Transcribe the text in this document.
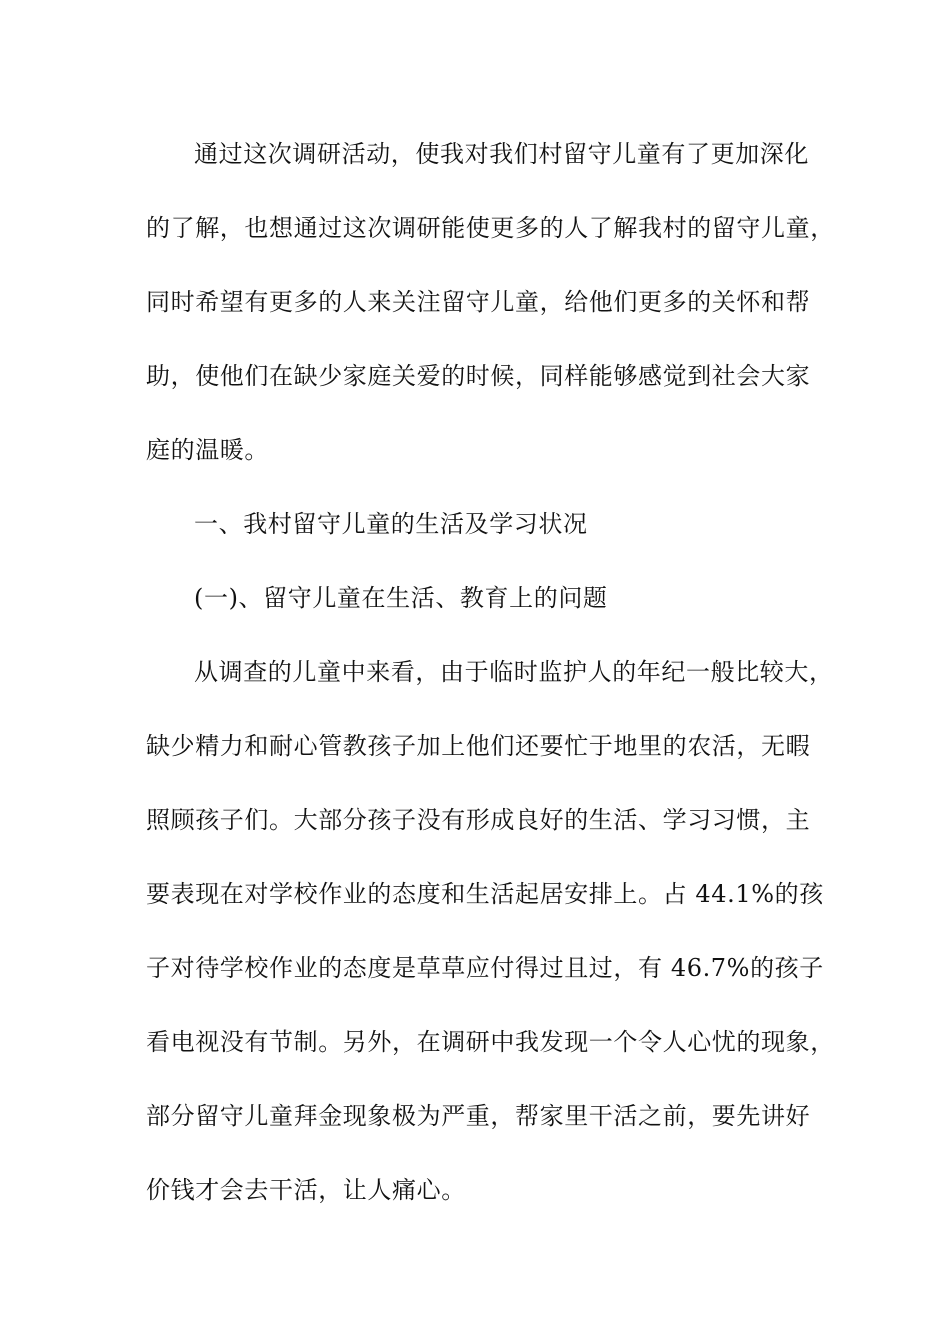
通过这次调研活动，使我对我们村留守儿童有了更加深化
的了解，也想通过这次调研能使更多的人了解我村的留守儿童，
同时希望有更多的人来关注留守儿童，给他们更多的关怀和帮
助，使他们在缺少家庭关爱的时候，同样能够感觉到社会大家
庭的温暖。
一、我村留守儿童的生活及学习状况
(一)、留守儿童在生活、教育上的问题
从调查的儿童中来看，由于临时监护人的年纪一般比较大，
缺少精力和耐心管教孩子加上他们还要忙于地里的农活，无暇
照顾孩子们。大部分孩子没有形成良好的生活、学习习惯，主
要表现在对学校作业的态度和生活起居安排上。占 44.1%的孩
子对待学校作业的态度是草草应付得过且过，有 46.7%的孩子
看电视没有节制。另外，在调研中我发现一个令人心忧的现象，
部分留守儿童拜金现象极为严重，帮家里干活之前，要先讲好
价钱才会去干活，让人痛心。
